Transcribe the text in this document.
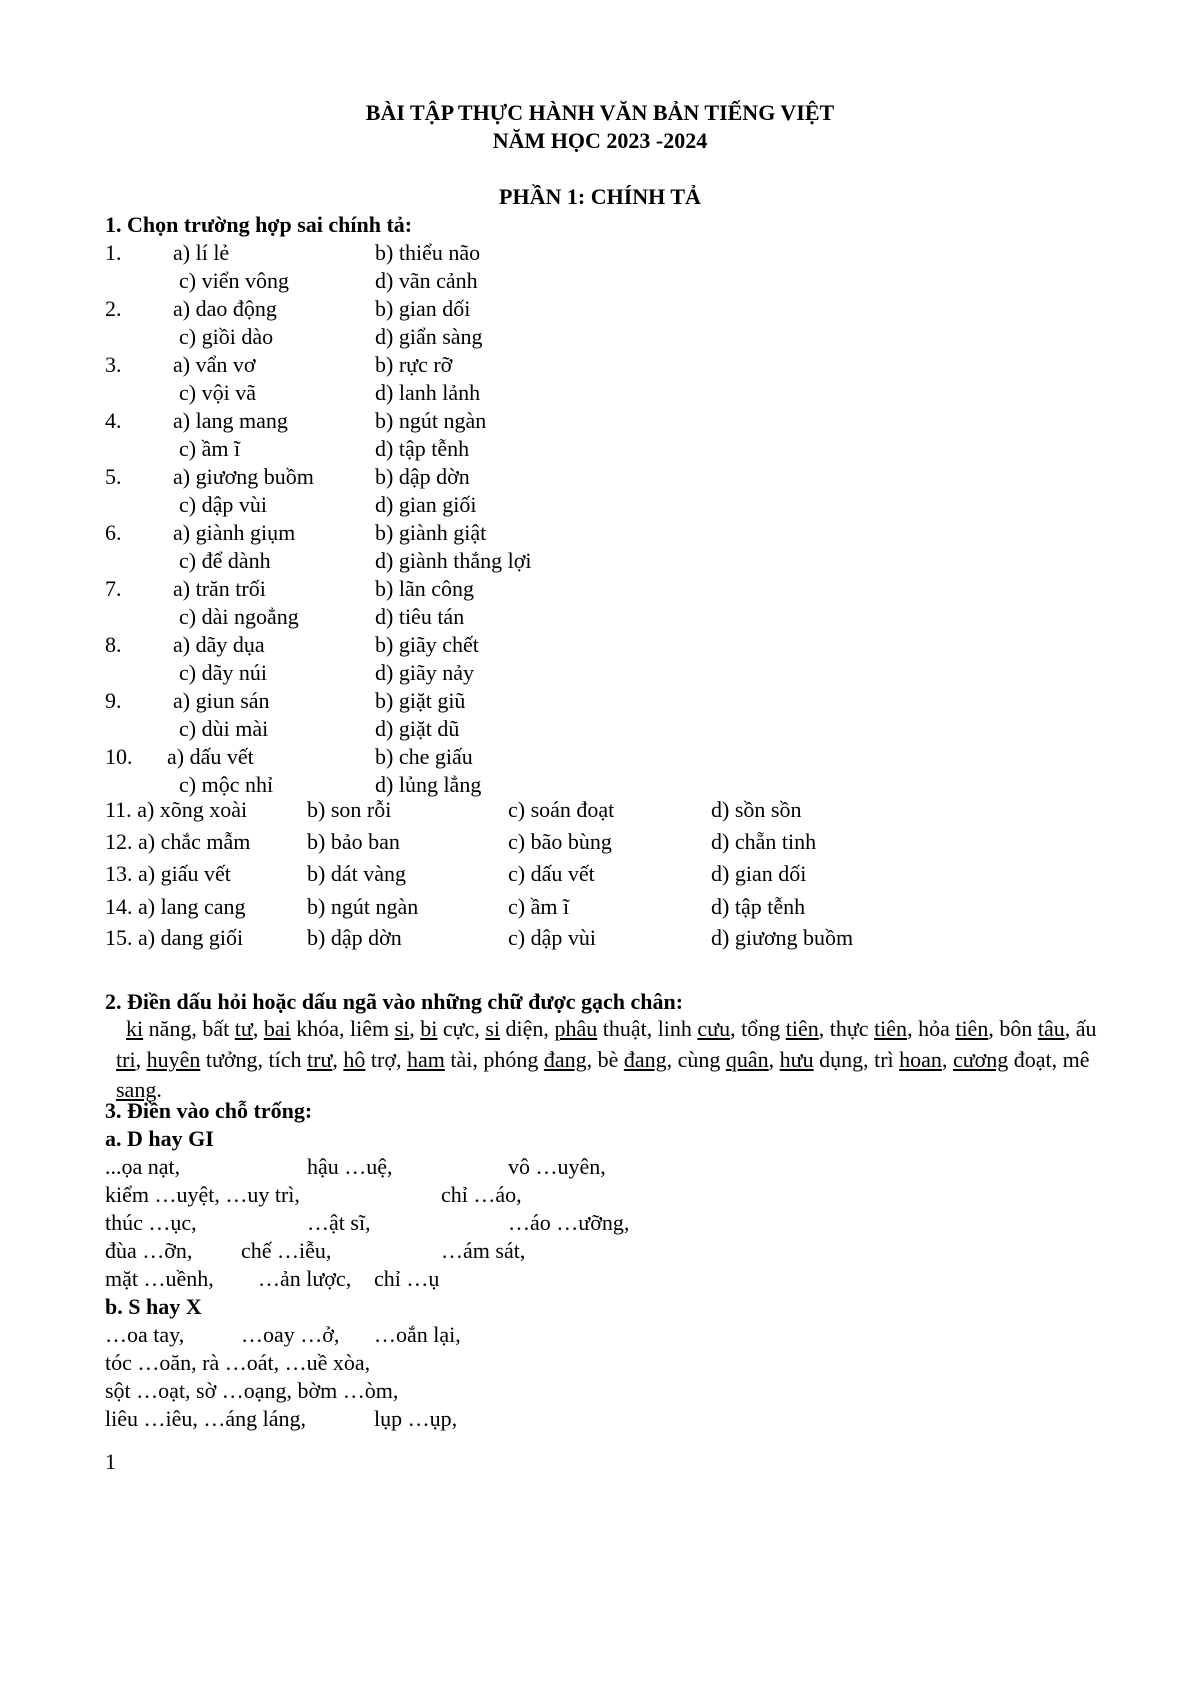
BÀI TẬP THỰC HÀNH VĂN BẢN TIẾNG VIỆT
NĂM HỌC 2023 -2024
PHẦN 1: CHÍNH TẢ
1. Chọn trường hợp sai chính tả:
1. a) lí lẻ	b) thiểu não
c) viển vông	d) vãn cảnh
2. a) dao động	b) gian dối
c) giồi dào	d) giẩn sàng
3. a) vẩn vơ	b) rực rỡ
c) vội vã	d) lanh lảnh
4. a) lang mang	b) ngút ngàn
c) ầm ĩ	d) tập tễnh
5. a) giương buồm	b) dập dờn
c) dập vùi	d) gian giối
6. a) giành giụm	b) giành giật
c) để dành	d) giành thắng lợi
7. a) trăn trối	b) lãn công
c) dài ngoẳng	d) tiêu tán
8. a) dãy dụa	b) giãy chết
c) dãy núi	d) giãy nảy
9. a) giun sán	b) giặt giũ
c) dùi mài	d) giặt dũ
10. a) dấu vết	b) che giấu
c) mộc nhỉ	d) lủng lẳng
11. a) xõng xoài	b) son rỗi	c) soán đoạt	d) sồn sồn
12. a) chắc mẫm	b) bảo ban	c) bão bùng	d) chẵn tinh
13. a) giấu vết	b) dát vàng	c) dấu vết	d) gian dối
14. a) lang cang	b) ngút ngàn	c) ầm ĩ	d) tập tễnh
15. a) dang giối	b) dập dờn	c) dập vùi	d) giương buồm
2. Điền dấu hỏi hoặc dấu ngã vào những chữ được gạch chân:
ki năng, bất tư, bai khóa, liêm si, bi cực, si diện, phâu thuật, linh cưu, tổng tiên, thực tiên, hỏa tiên, bôn tâu, ấu tri, huyên tưởng, tích trư, hô trợ, ham tài, phóng đang, bè đang, cùng quân, hưu dụng, trì hoan, cương đoạt, mê sang.
3. Điền vào chỗ trống:
a. D hay GI
...ọa nạt,	hậu …uệ,	vô …uyên,
kiểm …uyệt, …uy trì,	chỉ …áo,
thúc …ục,	…ật sĩ,	…áo …ưỡng,
đùa …ỡn, chế …iễu,	…ám sát,
mặt …uềnh, …ản lược, chỉ …ụ
b. S hay X
…oa tay,	…oay …ở, …oắn lại,
tóc …oăn, rà …oát, …uề xòa,
sột …oạt, sờ …oạng, bờm …òm,
liêu …iêu, …áng láng,	lụp …ụp,
1
